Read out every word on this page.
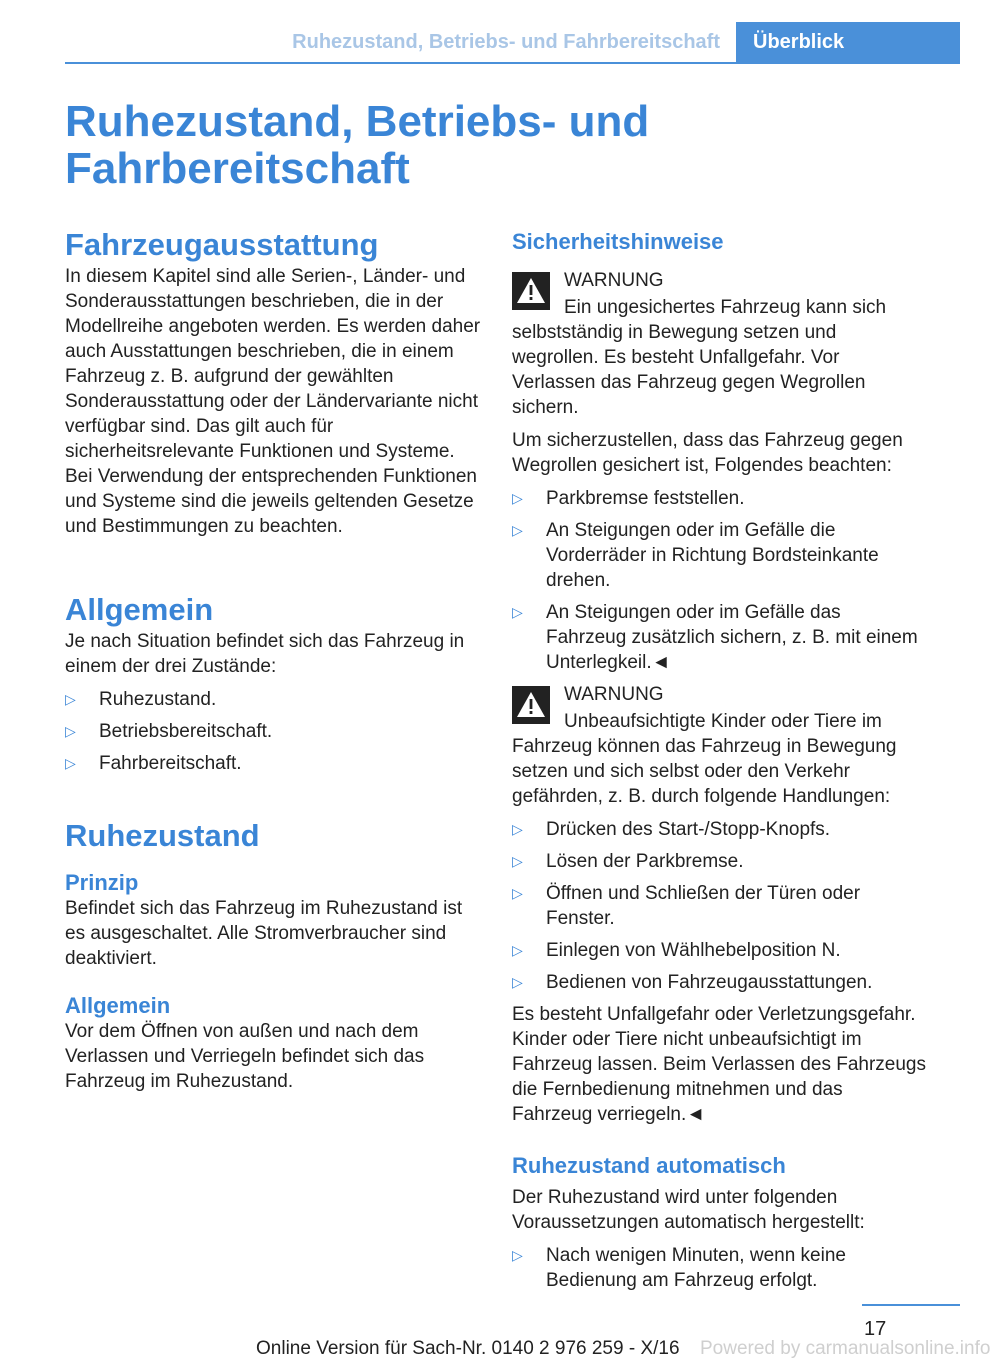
Ruhezustand, Betriebs- und Fahrbereitschaft	Überblick
Ruhezustand, Betriebs- und Fahrbereitschaft
Fahrzeugausstattung

In diesem Kapitel sind alle Serien-, Länder- und Sonderausstattungen beschrieben, die in der Modellreihe angeboten werden. Es werden daher auch Ausstattungen beschrieben, die in einem Fahrzeug z. B. aufgrund der gewählten Sonderausstattung oder der Ländervariante nicht verfügbar sind. Das gilt auch für sicherheitsrelevante Funktionen und Systeme. Bei Verwendung der entsprechenden Funktionen und Systeme sind die jeweils geltenden Gesetze und Bestimmungen zu beachten.

Allgemein

Je nach Situation befindet sich das Fahrzeug in einem der drei Zustände:

▷ Ruhezustand.
▷ Betriebsbereitschaft.
▷ Fahrbereitschaft.
Ruhezustand
Prinzip

Befindet sich das Fahrzeug im Ruhezustand ist es ausgeschaltet. Alle Stromverbraucher sind deaktiviert.

Allgemein

Vor dem Öffnen von außen und nach dem Verlassen und Verriegeln befindet sich das Fahrzeug im Ruhezustand.

Sicherheitshinweise
WARNUNG

Ein ungesichertes Fahrzeug kann sich selbstständig in Bewegung setzen und wegrollen. Es besteht Unfallgefahr. Vor Verlassen das Fahrzeug gegen Wegrollen sichern.

Um sicherzustellen, dass das Fahrzeug gegen Wegrollen gesichert ist, Folgendes beachten:

▷ Parkbremse feststellen.
▷ An Steigungen oder im Gefälle die Vorderräder in Richtung Bordsteinkante drehen.
▷ An Steigungen oder im Gefälle das Fahrzeug zusätzlich sichern, z. B. mit einem Unterlegkeil.◄
WARNUNG

Unbeaufsichtigte Kinder oder Tiere im Fahrzeug können das Fahrzeug in Bewegung setzen und sich selbst oder den Verkehr gefährden, z. B. durch folgende Handlungen:

▷ Drücken des Start-/Stopp-Knopfs.
▷ Lösen der Parkbremse.
▷ Öffnen und Schließen der Türen oder Fenster.
▷ Einlegen von Wählhebelposition N.
▷ Bedienen von Fahrzeugausstattungen.

Es besteht Unfallgefahr oder Verletzungsgefahr. Kinder oder Tiere nicht unbeaufsichtigt im Fahrzeug lassen. Beim Verlassen des Fahrzeugs die Fernbedienung mitnehmen und das Fahrzeug verriegeln.◄

Ruhezustand automatisch

Der Ruhezustand wird unter folgenden Voraussetzungen automatisch hergestellt:

▷ Nach wenigen Minuten, wenn keine Bedienung am Fahrzeug erfolgt.
17
Online Version für Sach-Nr. 0140 2 976 259 - X/16 Powered by carmanualsonline.info
